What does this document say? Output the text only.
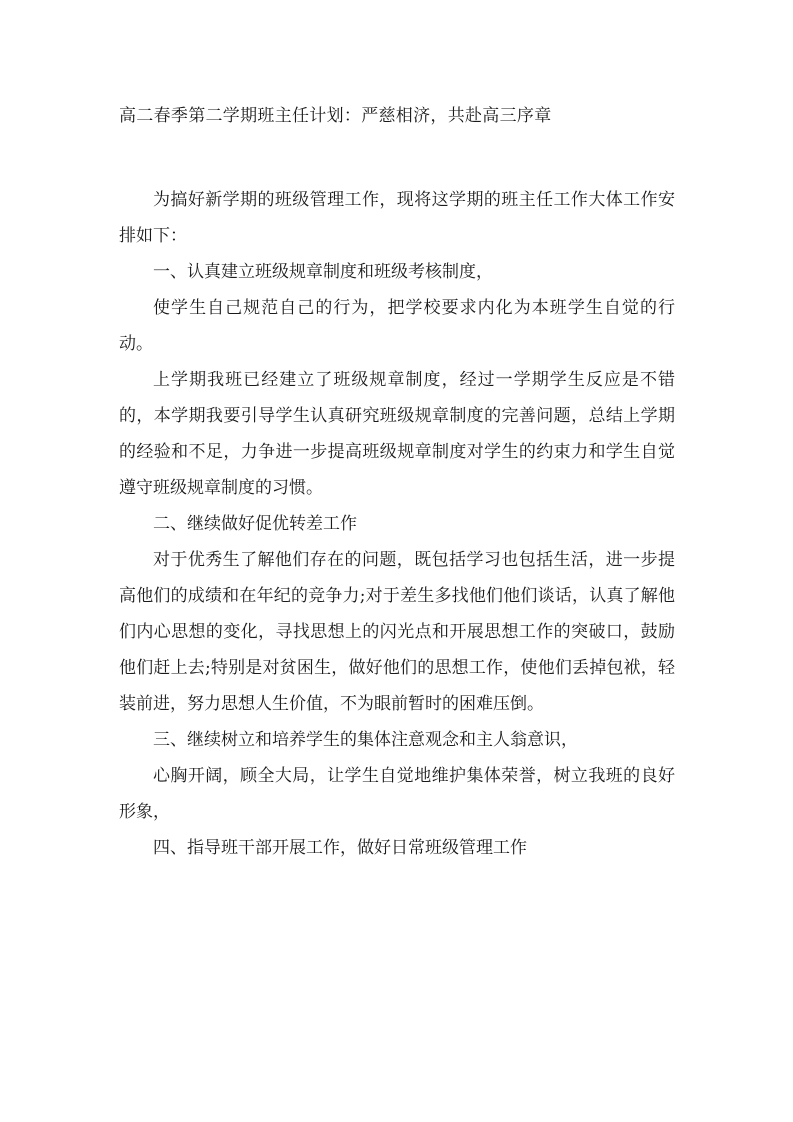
高二春季第二学期班主任计划：严慈相济，共赴高三序章

为搞好新学期的班级管理工作，现将这学期的班主任工作大体工作安排如下：

一、认真建立班级规章制度和班级考核制度，

使学生自己规范自己的行为，把学校要求内化为本班学生自觉的行动。

上学期我班已经建立了班级规章制度，经过一学期学生反应是不错的，本学期我要引导学生认真研究班级规章制度的完善问题，总结上学期的经验和不足，力争进一步提高班级规章制度对学生的约束力和学生自觉遵守班级规章制度的习惯。

二、继续做好促优转差工作

对于优秀生了解他们存在的问题，既包括学习也包括生活，进一步提高他们的成绩和在年纪的竞争力;对于差生多找他们他们谈话，认真了解他们内心思想的变化，寻找思想上的闪光点和开展思想工作的突破口，鼓励他们赶上去;特别是对贫困生，做好他们的思想工作，使他们丢掉包袱，轻装前进，努力思想人生价值，不为眼前暂时的困难压倒。

三、继续树立和培养学生的集体注意观念和主人翁意识，

心胸开阔，顾全大局，让学生自觉地维护集体荣誉，树立我班的良好形象，

四、指导班干部开展工作，做好日常班级管理工作
